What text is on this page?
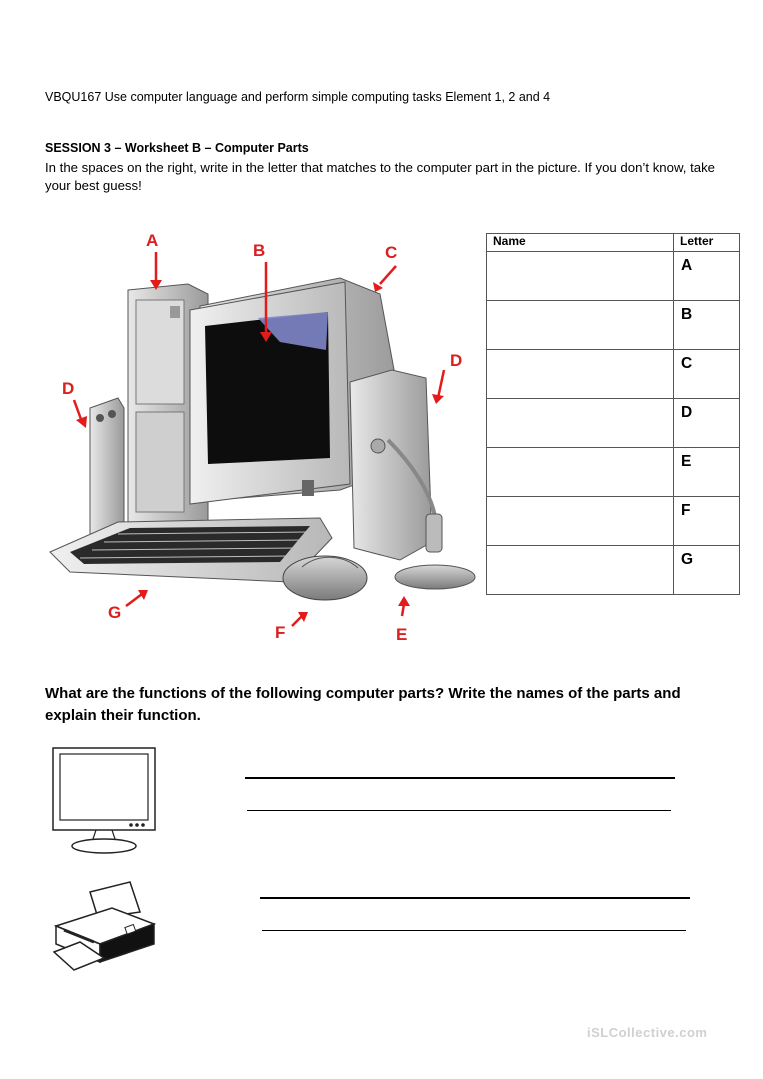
VBQU167 Use computer language and perform simple computing tasks Element 1, 2 and 4
SESSION 3 – Worksheet B – Computer Parts
In the spaces on the right, write in the letter that matches to the computer part in the picture. If you don’t know, take your best guess!
A
B	C
D
D
G
F	E
Name	Letter
	A
	B
	C
	D
	E
	F
	G
What are the functions of the following computer parts? Write the names of the parts and explain their function.
iSLCollective.com
